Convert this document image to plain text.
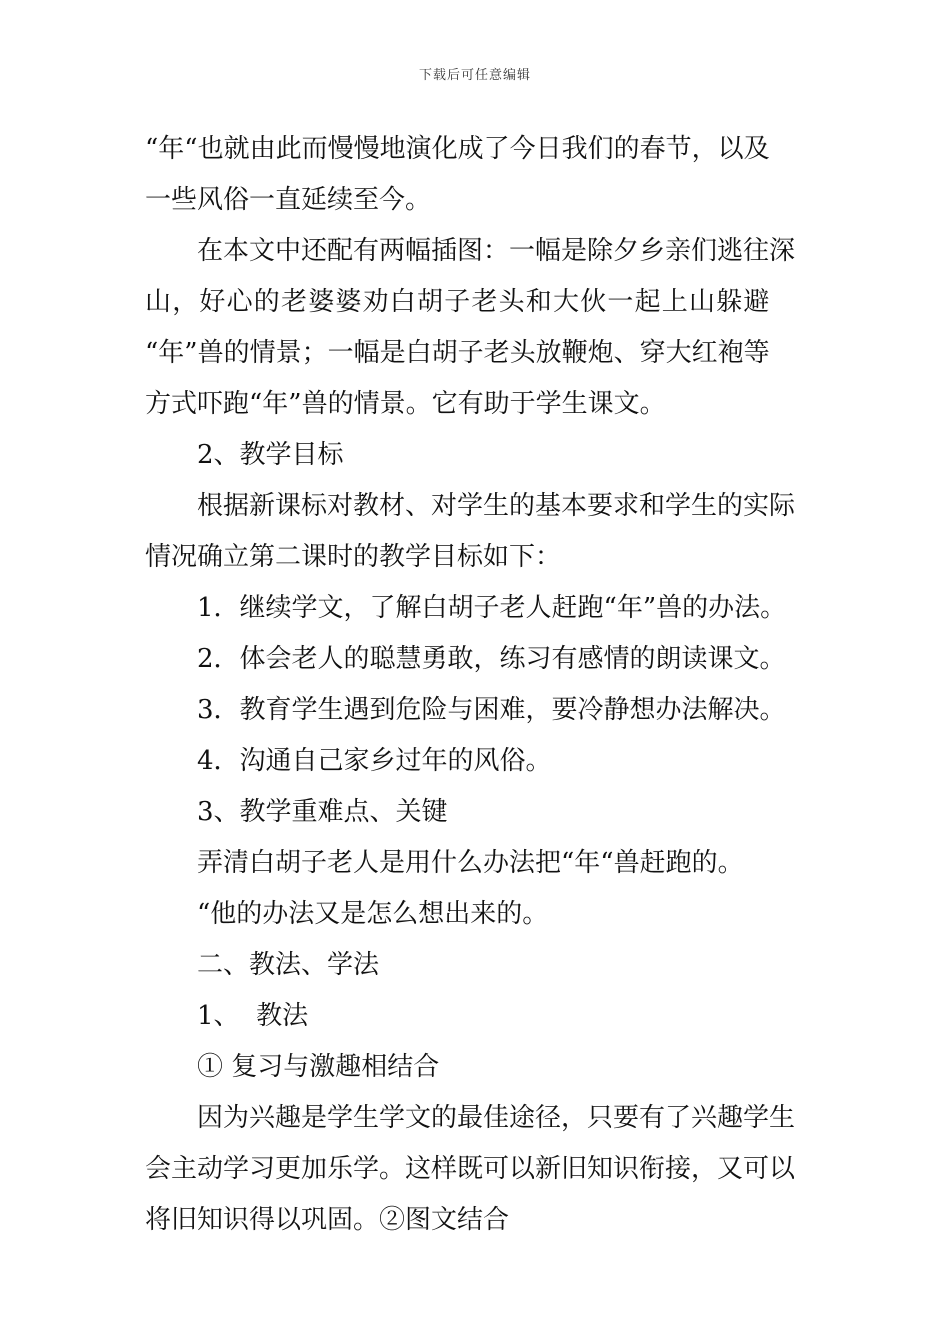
下载后可任意编辑

“年“也就由此而慢慢地演化成了今日我们的春节，以及

一些风俗一直延续至今。

在本文中还配有两幅插图：一幅是除夕乡亲们逃往深

山，好心的老婆婆劝白胡子老头和大伙一起上山躲避

“年”兽的情景；一幅是白胡子老头放鞭炮、穿大红袍等

方式吓跑“年”兽的情景。它有助于学生课文。

2、教学目标

根据新课标对教材、对学生的基本要求和学生的实际

情况确立第二课时的教学目标如下：

1．继续学文，了解白胡子老人赶跑“年”兽的办法。

2．体会老人的聪慧勇敢，练习有感情的朗读课文。

3．教育学生遇到危险与困难，要冷静想办法解决。

4．沟通自己家乡过年的风俗。

3、教学重难点、关键

弄清白胡子老人是用什么办法把“年“兽赶跑的。

“他的办法又是怎么想出来的。

二、教法、学法

1、  教法

① 复习与激趣相结合

因为兴趣是学生学文的最佳途径，只要有了兴趣学生

会主动学习更加乐学。这样既可以新旧知识衔接，又可以

将旧知识得以巩固。②图文结合
